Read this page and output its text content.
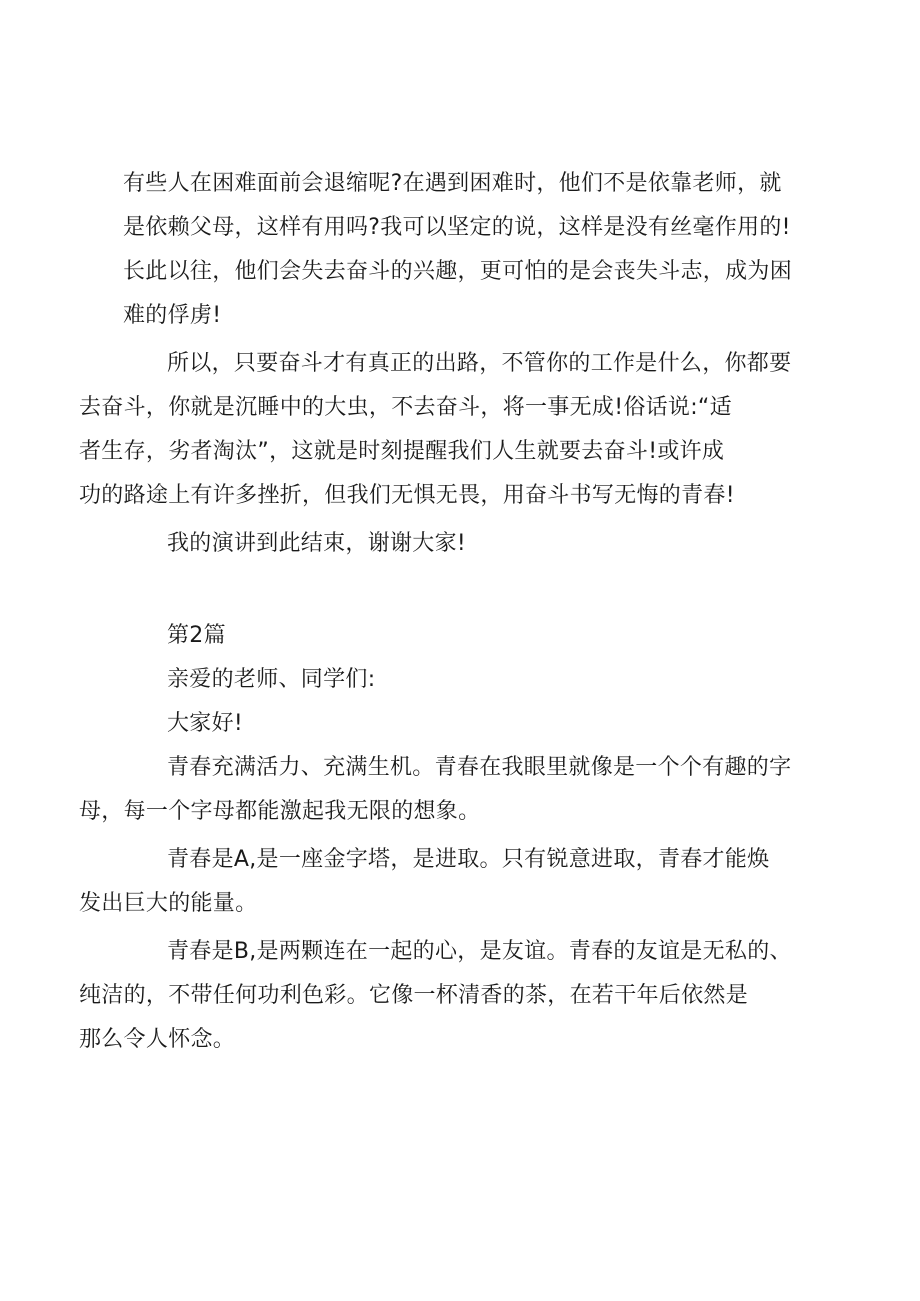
有些人在困难面前会退缩呢?在遇到困难时，他们不是依靠老师，就
是依赖父母，这样有用吗?我可以坚定的说，这样是没有丝毫作用的!
长此以往，他们会失去奋斗的兴趣，更可怕的是会丧失斗志，成为困
难的俘虏!

所以，只要奋斗才有真正的出路，不管你的工作是什么，你都要
去奋斗，你就是沉睡中的大虫，不去奋斗，将一事无成!俗话说:“适
者生存，劣者淘汰”，这就是时刻提醒我们人生就要去奋斗!或许成
功的路途上有许多挫折，但我们无惧无畏，用奋斗书写无悔的青春!

我的演讲到此结束，谢谢大家!

第2篇

亲爱的老师、同学们:

大家好!

青春充满活力、充满生机。青春在我眼里就像是一个个有趣的字
母，每一个字母都能激起我无限的想象。

青春是A,是一座金字塔，是进取。只有锐意进取，青春才能焕
发出巨大的能量。

青春是B,是两颗连在一起的心，是友谊。青春的友谊是无私的、
纯洁的，不带任何功利色彩。它像一杯清香的茶，在若干年后依然是
那么令人怀念。
